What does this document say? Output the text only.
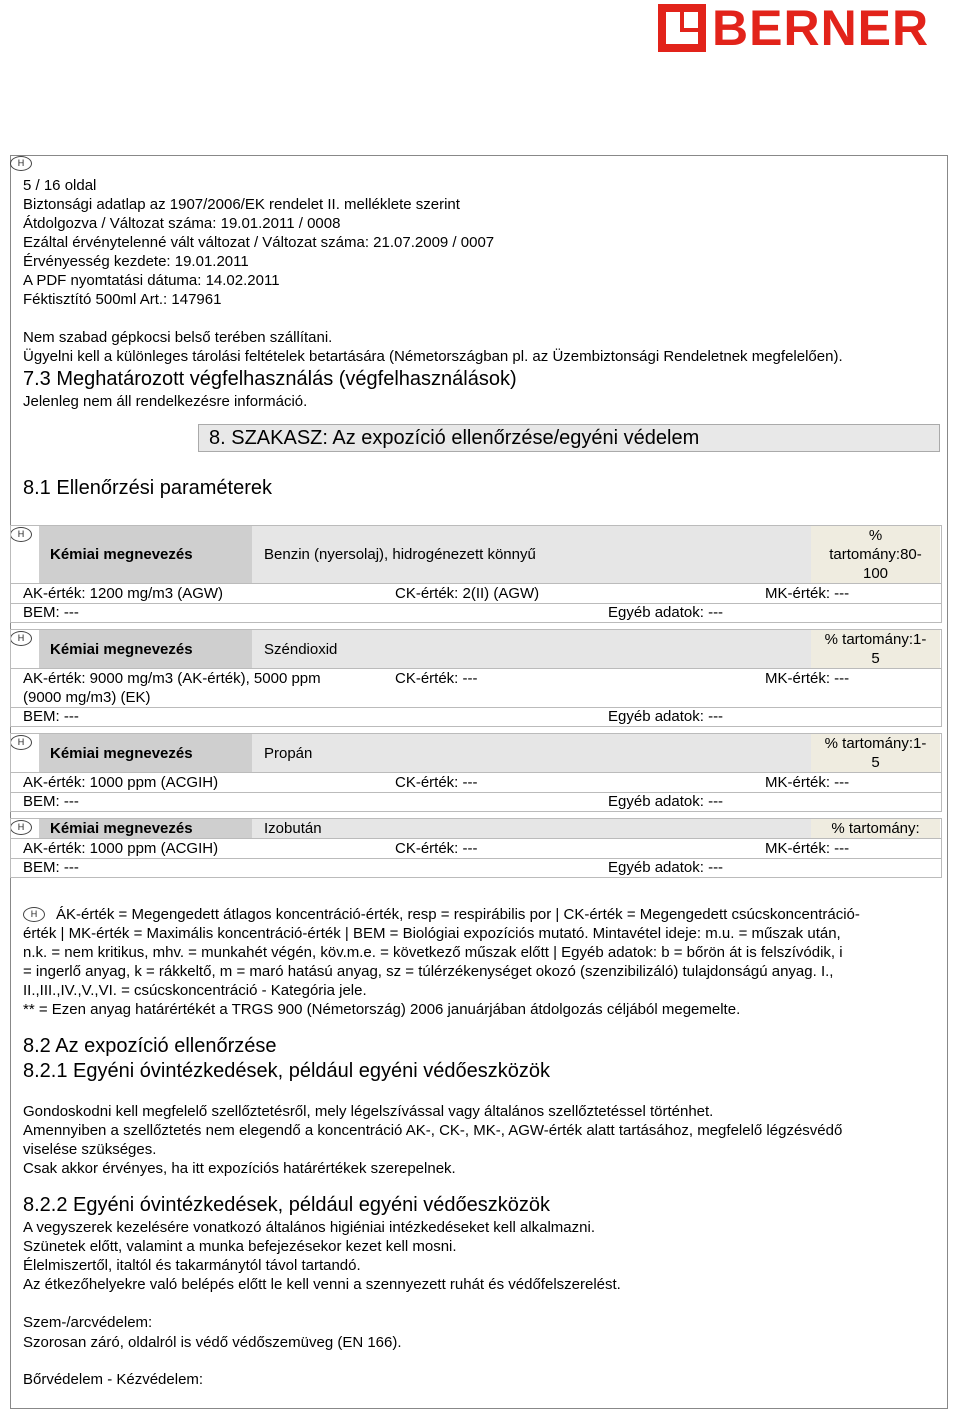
BERNER
H
5 / 16 oldal
Biztonsági adatlap az 1907/2006/EK rendelet II. melléklete szerint
Átdolgozva / Változat száma: 19.01.2011 / 0008
Ezáltal érvénytelenné vált változat / Változat száma: 21.07.2009 / 0007
Érvényesség kezdete: 19.01.2011
A PDF nyomtatási dátuma: 14.02.2011
Féktisztító 500ml Art.: 147961
Nem szabad gépkocsi belső terében szállítani.
Ügyelni kell a különleges tárolási feltételek betartására (Németországban pl. az Üzembiztonsági Rendeletnek megfelelően).
7.3 Meghatározott végfelhasználás (végfelhasználások)
Jelenleg nem áll rendelkezésre információ.
8. SZAKASZ: Az expozíció ellenőrzése/egyéni védelem
8.1 Ellenőrzési paraméterek
H
Kémiai megnevezés	Benzin (nyersolaj), hidrogénezett könnyű
%
tartomány:80-
100
AK-érték: 1200 mg/m3 (AGW)	CK-érték: 2(II) (AGW)	MK-érték: ---
BEM: ---	Egyéb adatok: ---
H
Kémiai megnevezés	Széndioxid
% tartomány:1-
5
AK-érték: 9000 mg/m3 (AK-érték), 5000 ppm
(9000 mg/m3) (EK)
CK-érték: ---	MK-érték: ---
BEM: ---	Egyéb adatok: ---
H
Kémiai megnevezés	Propán
% tartomány:1-
5
AK-érték: 1000 ppm (ACGIH)	CK-érték: ---	MK-érték: ---
BEM: ---	Egyéb adatok: ---
H	Kémiai megnevezés	Izobután	% tartomány:
AK-érték: 1000 ppm (ACGIH)	CK-érték: ---	MK-érték: ---
BEM: ---	Egyéb adatok: ---
H	ÁK-érték = Megengedett átlagos koncentráció-érték, resp = respirábilis por | CK-érték = Megengedett csúcskoncentráció-
érték | MK-érték = Maximális koncentráció-érték | BEM = Biológiai expozíciós mutató. Mintavétel ideje: m.u. = műszak után,
n.k. = nem kritikus, mhv. = munkahét végén, köv.m.e. = következő műszak előtt | Egyéb adatok: b = bőrön át is felszívódik, i
= ingerlő anyag, k = rákkeltő, m = maró hatású anyag, sz = túlérzékenységet okozó (szenzibilizáló) tulajdonságú anyag. I.,
II.,III.,IV.,V.,VI. = csúcskoncentráció - Kategória jele.
** = Ezen anyag határértékét a TRGS 900 (Németország) 2006 januárjában átdolgozás céljából megemelte.
8.2 Az expozíció ellenőrzése
8.2.1 Egyéni óvintézkedések, például egyéni védőeszközök
Gondoskodni kell megfelelő szellőztetésről, mely légelszívással vagy általános szellőztetéssel történhet.
Amennyiben a szellőztetés nem elegendő a koncentráció AK-, CK-, MK-, AGW-érték alatt tartásához, megfelelő légzésvédő
viselése szükséges.
Csak akkor érvényes, ha itt expozíciós határértékek szerepelnek.
8.2.2 Egyéni óvintézkedések, például egyéni védőeszközök
A vegyszerek kezelésére vonatkozó általános higiéniai intézkedéseket kell alkalmazni.
Szünetek előtt, valamint a munka befejezésekor kezet kell mosni.
Élelmiszertől, italtól és takarmánytól távol tartandó.
Az étkezőhelyekre való belépés előtt le kell venni a szennyezett ruhát és védőfelszerelést.
Szem-/arcvédelem:
Szorosan záró, oldalról is védő védőszemüveg (EN 166).
Bőrvédelem - Kézvédelem:
